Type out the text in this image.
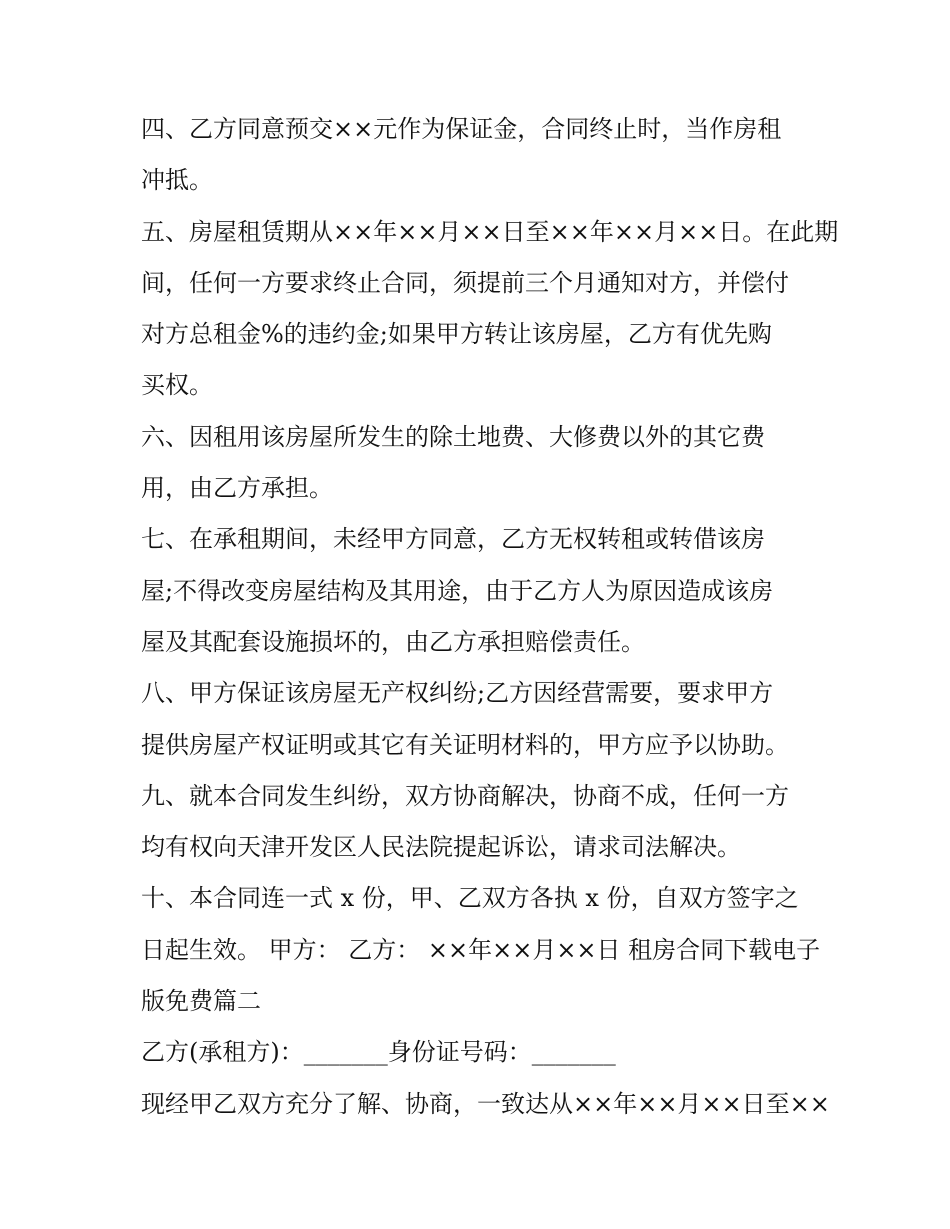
四、乙方同意预交××元作为保证金，合同终止时，当作房租
冲抵。
五、房屋租赁期从××年××月××日至××年××月××日。在此期
间，任何一方要求终止合同，须提前三个月通知对方，并偿付
对方总租金%的违约金;如果甲方转让该房屋，乙方有优先购
买权。
六、因租用该房屋所发生的除土地费、大修费以外的其它费
用，由乙方承担。
七、在承租期间，未经甲方同意，乙方无权转租或转借该房
屋;不得改变房屋结构及其用途，由于乙方人为原因造成该房
屋及其配套设施损坏的，由乙方承担赔偿责任。
八、甲方保证该房屋无产权纠纷;乙方因经营需要，要求甲方
提供房屋产权证明或其它有关证明材料的，甲方应予以协助。
九、就本合同发生纠纷，双方协商解决，协商不成，任何一方
均有权向天津开发区人民法院提起诉讼，请求司法解决。
十、本合同连一式 x 份，甲、乙双方各执 x 份，自双方签字之
日起生效。 甲方： 乙方： ××年××月××日 租房合同下载电子
版免费篇二
乙方(承租方)：_______身份证号码：_______
现经甲乙双方充分了解、协商，一致达从××年××月××日至××
